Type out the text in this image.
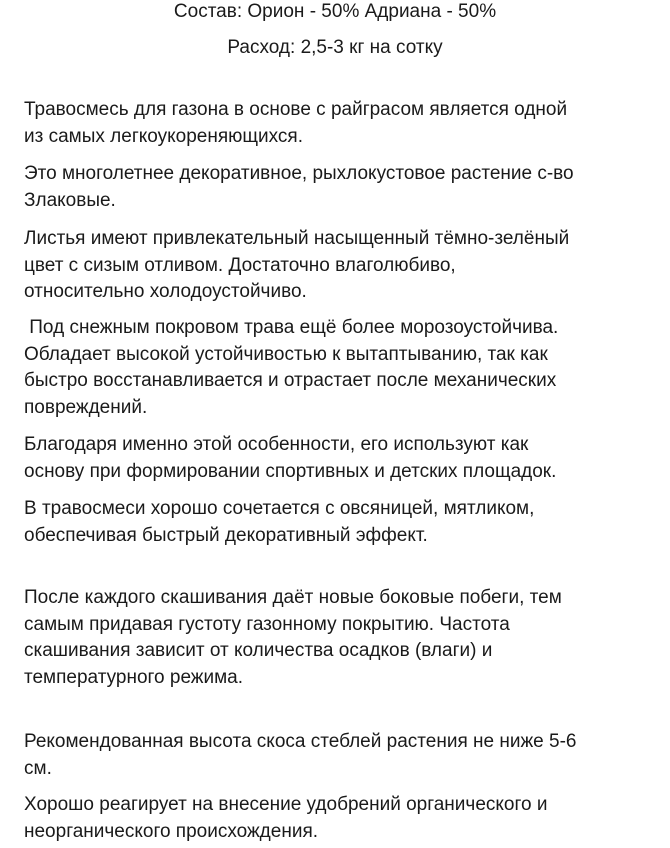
Состав: Орион - 50% Адриана - 50%
Расход: 2,5-3 кг на сотку

Травосмесь для газона в основе с райграсом является одной
из самых легкоукореняющихся.

Это многолетнее декоративное, рыхлокустовое растение с-во
Злаковые.

Листья имеют привлекательный насыщенный тёмно-зелёный
цвет с сизым отливом. Достаточно влаголюбиво,
относительно холодоустойчиво.

Под снежным покровом трава ещё более морозоустойчива.
Обладает высокой устойчивостью к вытаптыванию, так как
быстро восстанавливается и отрастает после механических
повреждений.

Благодаря именно этой особенности, его используют как
основу при формировании спортивных и детских площадок.

В травосмеси хорошо сочетается с овсяницей, мятликом,
обеспечивая быстрый декоративный эффект.

После каждого скашивания даёт новые боковые побеги, тем
самым придавая густоту газонному покрытию. Частота
скашивания зависит от количества осадков (влаги) и
температурного режима.

Рекомендованная высота скоса стеблей растения не ниже 5-6
см.

Хорошо реагирует на внесение удобрений органического и
неорганического происхождения.
